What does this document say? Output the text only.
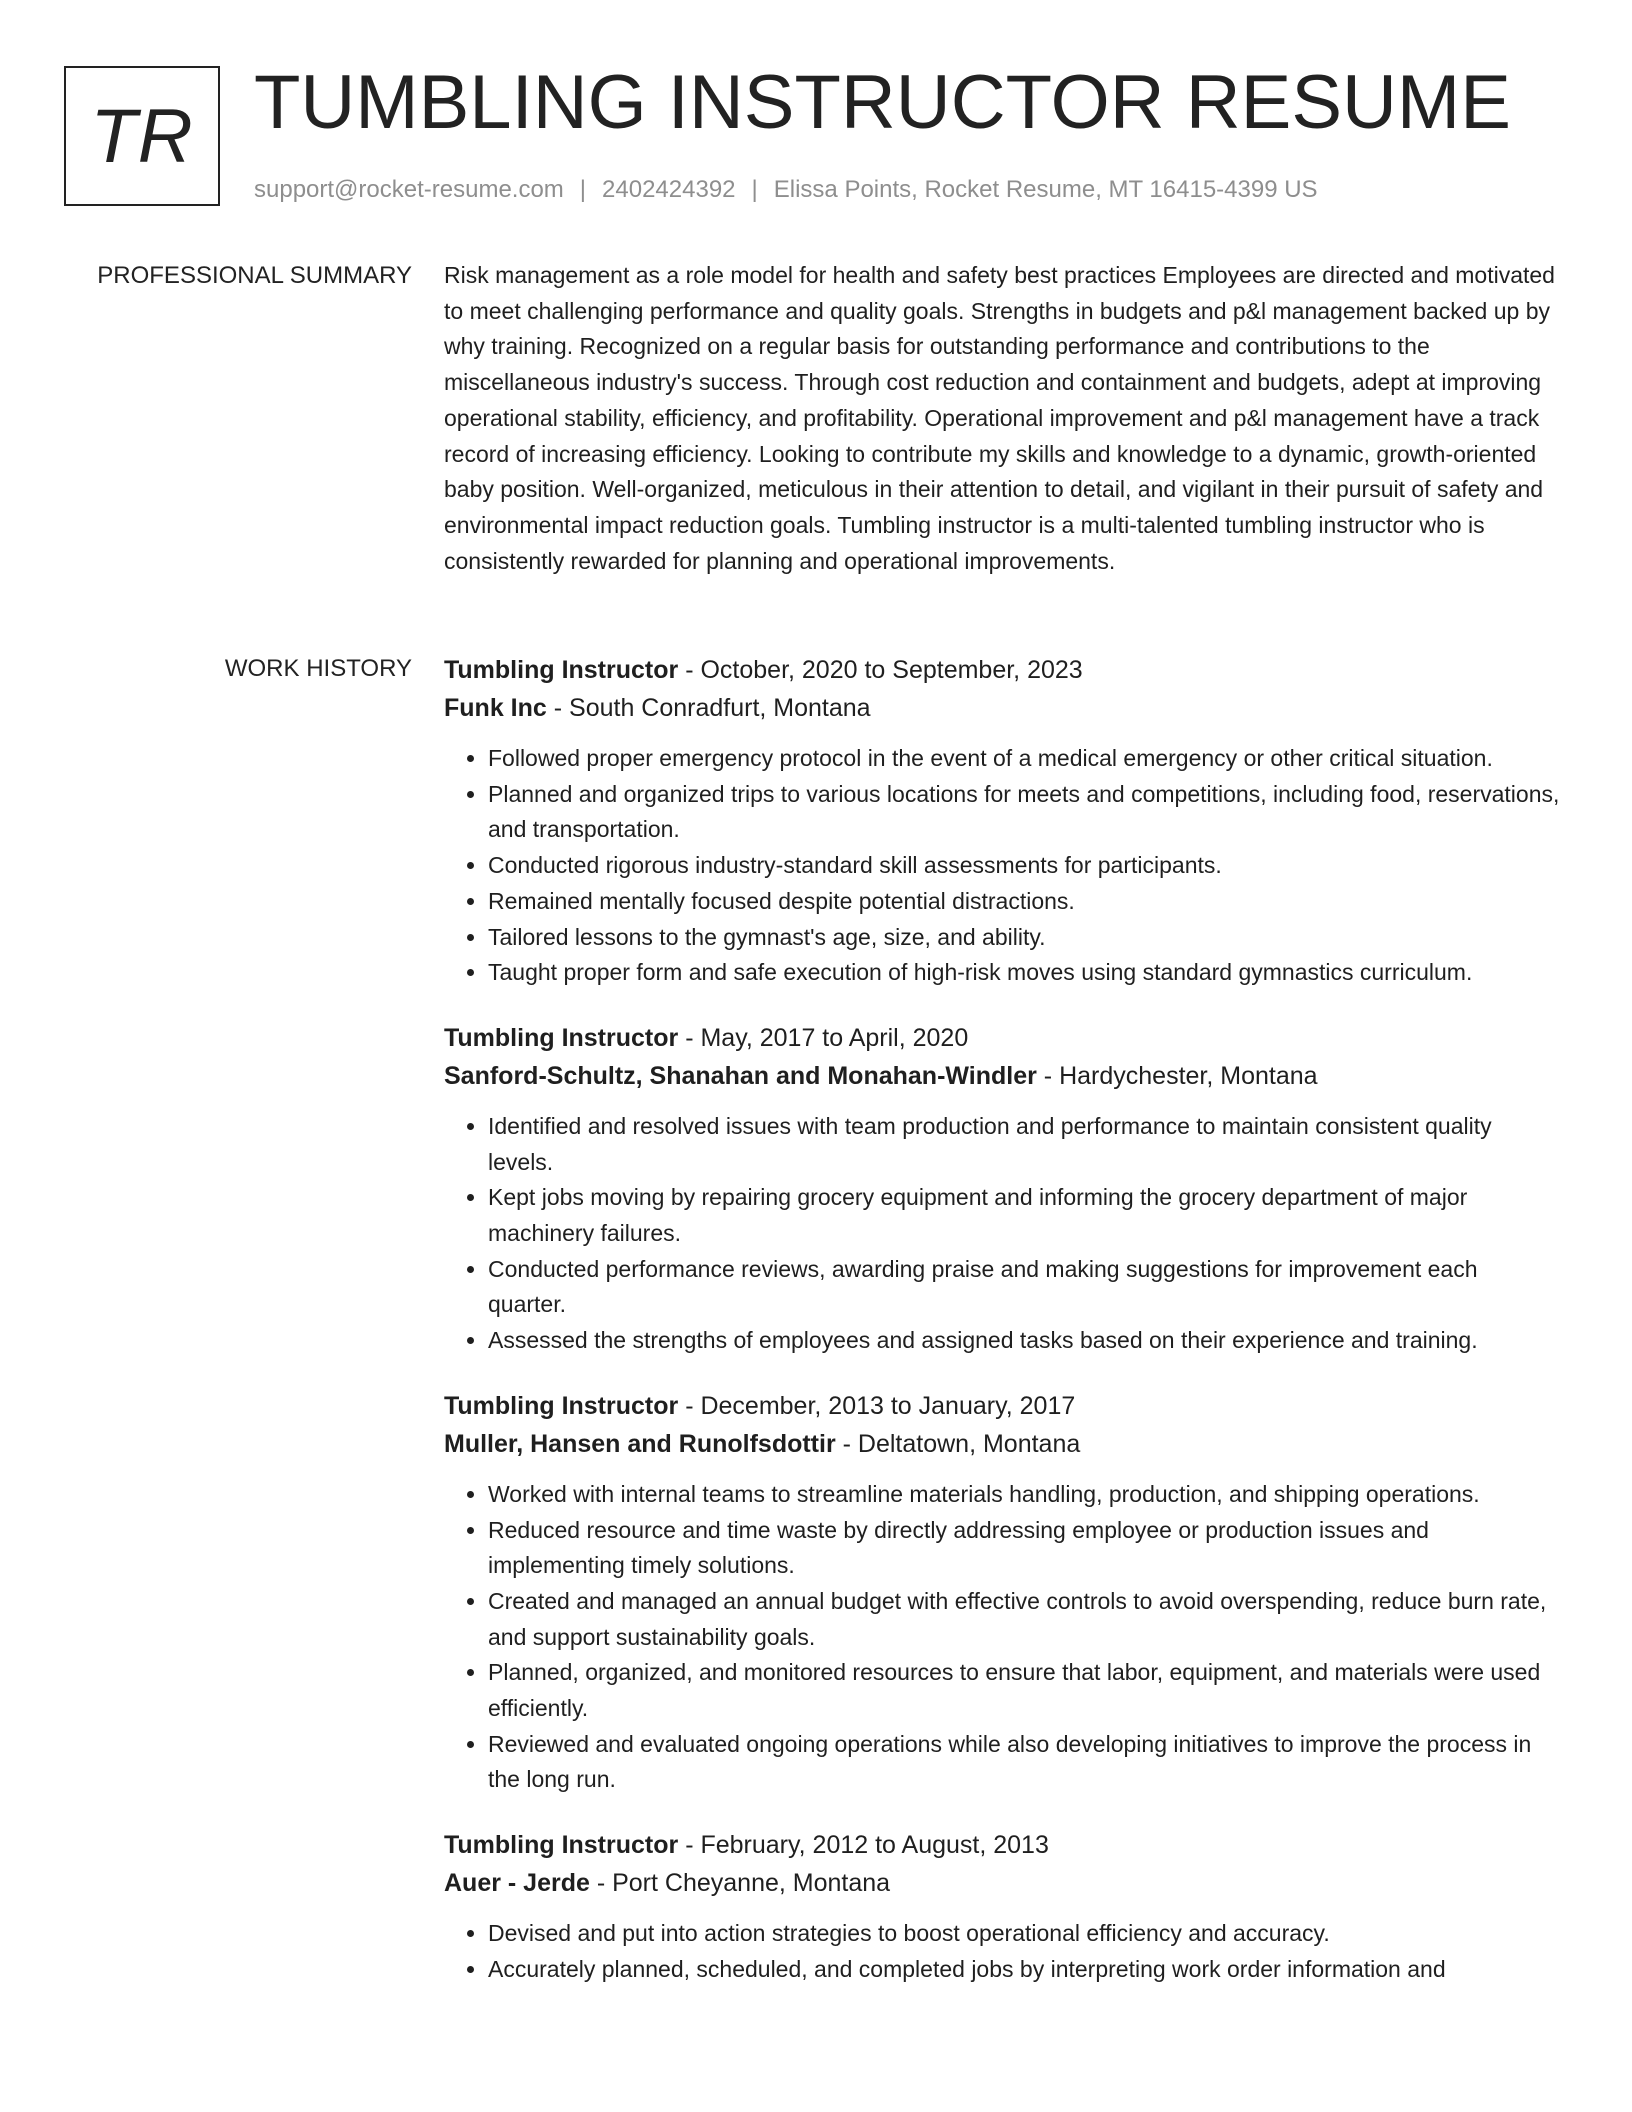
TR TUMBLING INSTRUCTOR RESUME
support@rocket-resume.com | 2402424392 | Elissa Points, Rocket Resume, MT 16415-4399 US
PROFESSIONAL SUMMARY Risk management as a role model for health and safety best practices Employees are directed and motivated to meet challenging performance and quality goals. Strengths in budgets and p&l management backed up by why training. Recognized on a regular basis for outstanding performance and contributions to the miscellaneous industry's success. Through cost reduction and containment and budgets, adept at improving operational stability, efficiency, and profitability. Operational improvement and p&l management have a track record of increasing efficiency. Looking to contribute my skills and knowledge to a dynamic, growth-oriented baby position. Well-organized, meticulous in their attention to detail, and vigilant in their pursuit of safety and environmental impact reduction goals. Tumbling instructor is a multi-talented tumbling instructor who is consistently rewarded for planning and operational improvements.
WORK HISTORY Tumbling Instructor - October, 2020 to September, 2023
Funk Inc - South Conradfurt, Montana
• Followed proper emergency protocol in the event of a medical emergency or other critical situation.
• Planned and organized trips to various locations for meets and competitions, including food, reservations, and transportation.
• Conducted rigorous industry-standard skill assessments for participants.
• Remained mentally focused despite potential distractions.
• Tailored lessons to the gymnast's age, size, and ability.
• Taught proper form and safe execution of high-risk moves using standard gymnastics curriculum.
Tumbling Instructor - May, 2017 to April, 2020
Sanford-Schultz, Shanahan and Monahan-Windler - Hardychester, Montana
• Identified and resolved issues with team production and performance to maintain consistent quality levels.
• Kept jobs moving by repairing grocery equipment and informing the grocery department of major machinery failures.
• Conducted performance reviews, awarding praise and making suggestions for improvement each quarter.
• Assessed the strengths of employees and assigned tasks based on their experience and training.
Tumbling Instructor - December, 2013 to January, 2017
Muller, Hansen and Runolfsdottir - Deltatown, Montana
• Worked with internal teams to streamline materials handling, production, and shipping operations.
• Reduced resource and time waste by directly addressing employee or production issues and implementing timely solutions.
• Created and managed an annual budget with effective controls to avoid overspending, reduce burn rate, and support sustainability goals.
• Planned, organized, and monitored resources to ensure that labor, equipment, and materials were used efficiently.
• Reviewed and evaluated ongoing operations while also developing initiatives to improve the process in the long run.
Tumbling Instructor - February, 2012 to August, 2013
Auer - Jerde - Port Cheyanne, Montana
• Devised and put into action strategies to boost operational efficiency and accuracy.
• Accurately planned, scheduled, and completed jobs by interpreting work order information and
